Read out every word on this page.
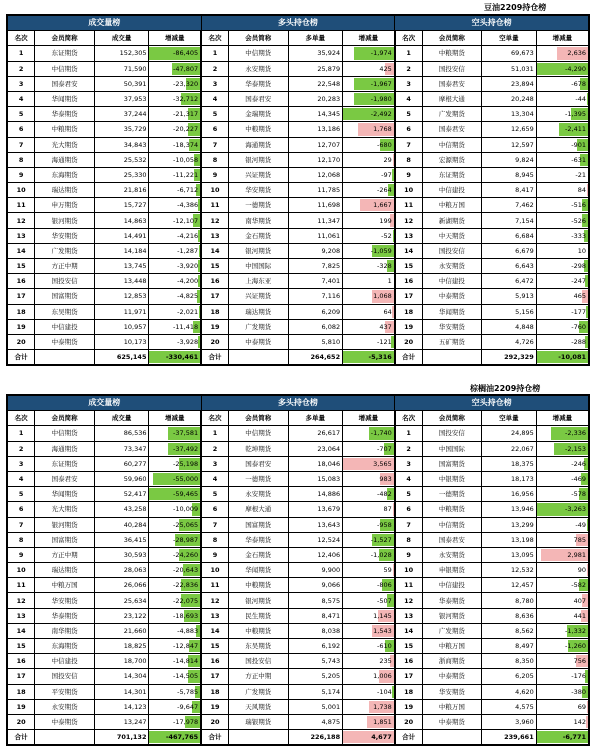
豆油2209持仓榜
成交量榜				多头持仓榜				空头持仓榜			
名次	会员简称	成交量	增减量	名次	会员简称	多单量	增减量	名次	会员简称	空单量	增减量
1	东证期货	152,305	-86,405	1	中信期货	35,924	-1,974	1	中粮期货	69,673	2,636
2	中信期货	71,590	-47,807	2	永安期货	25,879	425	2	国投安信	51,031	-4,290
3	国泰君安	50,391	-23,320	3	华泰期货	22,548	-1,967	3	国泰君安	23,894	-678
4	华闻期货	37,953	-32,712	4	国泰君安	20,283	-1,980	4	摩根大通	20,248	-44
5	华泰期货	37,244	-21,317	5	金瑞期货	14,345	-2,492	5	广发期货	13,304	-1,395
6	中粮期货	35,729	-20,227	6	中粮期货	13,186	1,768	6	国泰君安	12,659	-2,411
7	光大期货	34,843	-18,374	7	海通期货	12,707	-680	7	中信期货	12,597	-901
8	海通期货	25,532	-10,058	8	银河期货	12,170	29	8	宏源期货	9,824	-631
9	东海期货	25,330	-11,221	9	兴证期货	12,068	-97	9	东证期货	8,945	-21
10	瑞达期货	21,816	-6,712	10	华安期货	11,785	-264	10	中信建投	8,417	84
11	申万期货	15,727	-4,386	11	一德期货	11,698	1,667	11	中粮万国	7,462	-516
12	银河期货	14,863	-12,107	12	南华期货	11,347	199	12	新湖期货	7,154	-526
13	华安期货	14,491	-4,216	13	金石期货	11,061	-52	13	中天期货	6,684	-333
14	广发期货	14,184	-1,287	14	银河期货	9,208	-1,059	14	国投安信	6,679	10
15	方正中期	13,745	-3,920	15	中国国际	7,825	-328	15	永安期货	6,643	-298
16	国投安信	13,448	-4,200	16	上海东亚	7,401	1	16	中信建投	6,472	-247
17	国富期货	12,853	-4,825	17	兴证期货	7,116	1,068	17	中泰期货	5,913	465
18	东吴期货	11,971	-2,021	18	瑞达期货	6,209	64	18	华闻期货	5,156	-177
19	中信建投	10,957	-11,418	19	广发期货	6,082	437	19	华安期货	4,848	-760
20	中泰期货	10,173	-3,928	20	中泰期货	5,810	-121	20	五矿期货	4,726	-288
合计		625,145	-330,461	合计		264,652	-5,316	合计		292,329	-10,081
棕榈油2209持仓榜
成交量榜				多头持仓榜				空头持仓榜			
名次	会员简称	成交量	增减量	名次	会员简称	多单量	增减量	名次	会员简称	空单量	增减量
1	中信期货	86,536	-37,581	1	中信期货	26,617	-1,740	1	国投安信	24,895	-2,336
2	海通期货	73,347	-37,492	2	乾坤期货	23,064	-707	2	中国国际	22,067	-2,153
3	东证期货	60,277	-25,198	3	国泰君安	18,046	3,565	3	国富期货	18,375	-246
4	国泰君安	59,960	-55,000	4	一德期货	15,083	983	4	中银期货	18,173	-469
5	华闻期货	52,417	-59,465	5	永安期货	14,886	-482	5	一德期货	16,956	-578
6	光大期货	43,258	-10,009	6	摩根大通	13,679	87	6	中粮期货	13,946	-3,263
7	银河期货	40,284	-25,065	7	国富期货	13,643	-958	7	中信期货	13,299	-49
8	国富期货	36,415	-28,987	8	华泰期货	12,524	-1,527	8	国泰君安	13,198	785
9	方正中期	30,593	-24,260	9	金石期货	12,406	-1,028	9	永安期货	13,095	2,981
10	瑞达期货	28,063	-20,643	10	华闻期货	9,900	59	10	申银期货	12,532	90
11	中粮万国	26,066	-22,836	11	中粮期货	9,066	-806	11	中信建投	12,457	-582
12	华安期货	25,634	-22,075	12	银河期货	8,575	-507	12	华泰期货	8,780	407
13	华泰期货	23,122	-18,693	13	民生期货	8,471	1,145	13	银河期货	8,636	441
14	南华期货	21,660	-4,883	14	中粮期货	8,038	1,543	14	广发期货	8,562	-1,332
15	东海期货	18,825	-12,847	15	东吴期货	6,192	-610	15	中粮万国	8,497	-1,260
16	中信建投	18,700	-14,814	16	国投安信	5,743	235	16	浙商期货	8,350	756
17	国投安信	14,304	-14,505	17	方正中期	5,205	1,006	17	中泰期货	6,205	-176
18	平安期货	14,301	-5,785	18	广发期货	5,174	-104	18	华安期货	4,620	-380
19	永安期货	14,123	-9,647	19	天风期货	5,001	1,738	19	中粮万国	4,575	69
20	中泰期货	13,247	-17,978	20	瑞银期货	4,875	1,851	20	中泰期货	3,960	142
合计		701,132	-467,765	合计		226,188	4,677	合计		239,661	-6,771
